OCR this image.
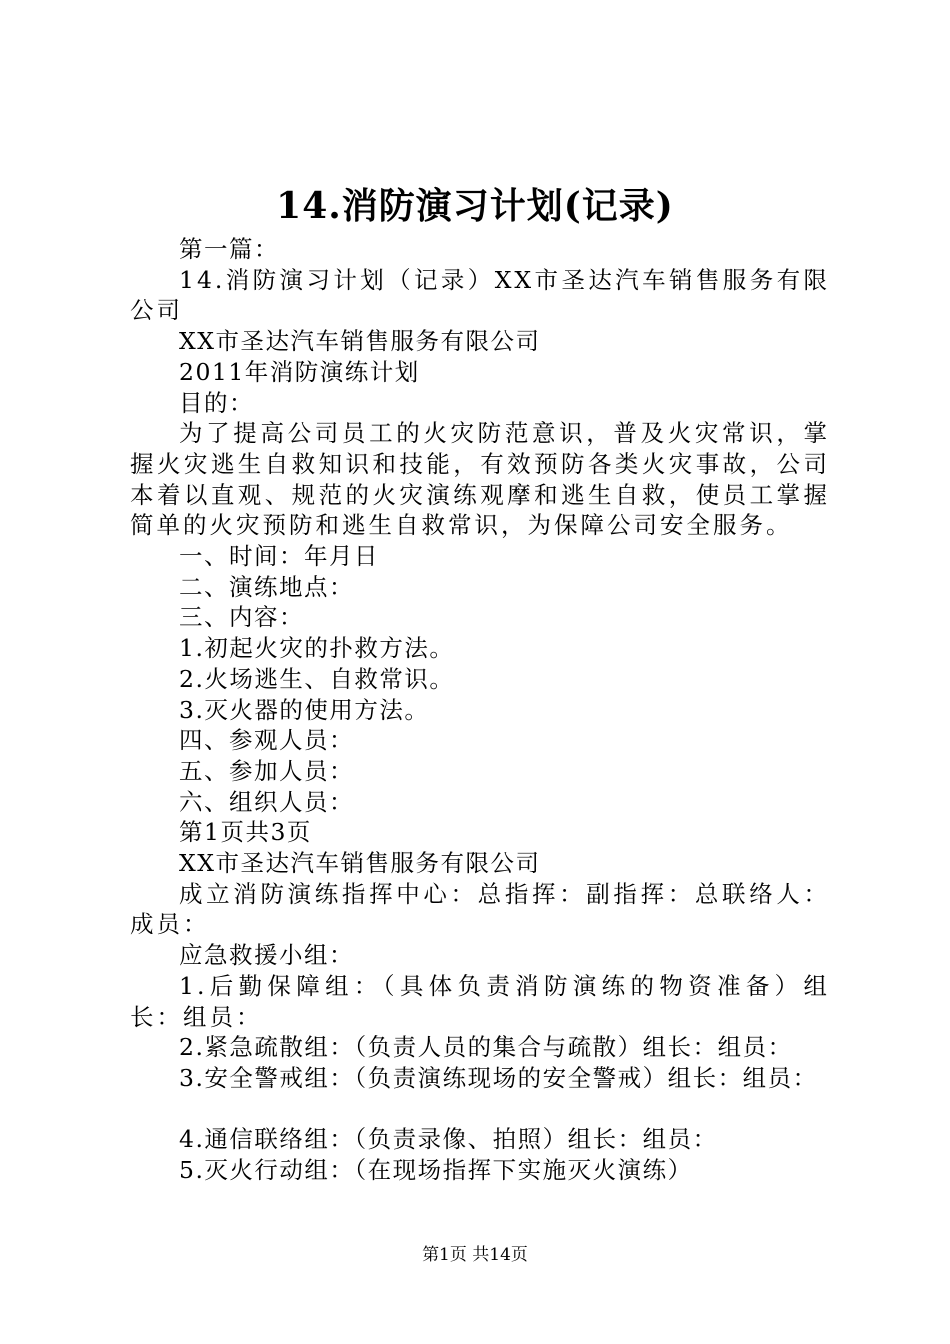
14.消防演习计划(记录)

第一篇：

14.消防演习计划（记录）XX市圣达汽车销售服务有限公司

XX市圣达汽车销售服务有限公司

2011年消防演练计划

目的：

为了提高公司员工的火灾防范意识，普及火灾常识，掌握火灾逃生自救知识和技能，有效预防各类火灾事故，公司本着以直观、规范的火灾演练观摩和逃生自救，使员工掌握简单的火灾预防和逃生自救常识，为保障公司安全服务。

一、时间：年月日

二、演练地点：

三、内容：

1.初起火灾的扑救方法。

2.火场逃生、自救常识。

3.灭火器的使用方法。

四、参观人员：

五、参加人员：

六、组织人员：

第1页共3页

XX市圣达汽车销售服务有限公司

成立消防演练指挥中心：总指挥：副指挥：总联络人：成员：

应急救援小组：

1.后勤保障组：（具体负责消防演练的物资准备）组长：组员：

2.紧急疏散组：（负责人员的集合与疏散）组长：组员：

3.安全警戒组：（负责演练现场的安全警戒）组长：组员：

4.通信联络组：（负责录像、拍照）组长：组员：

5.灭火行动组：（在现场指挥下实施灭火演练）

第1页 共14页
